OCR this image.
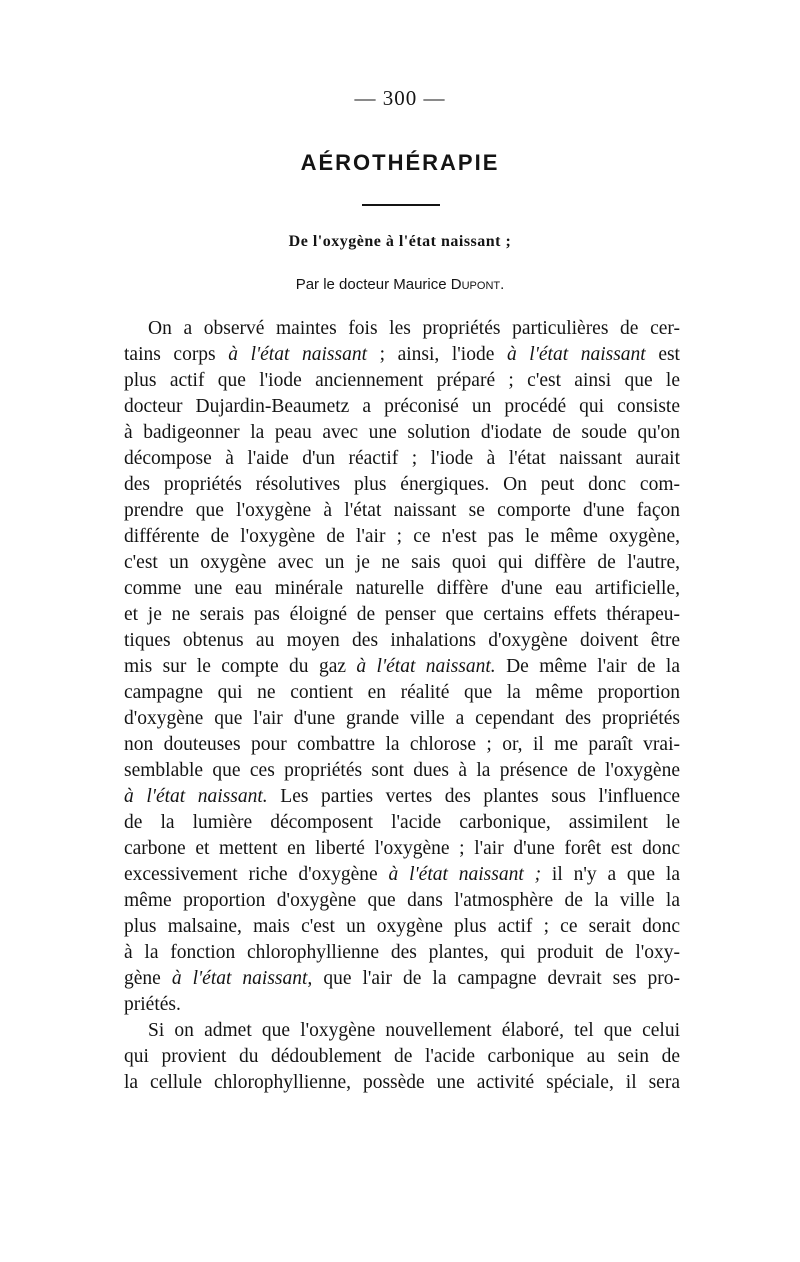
— 300 —
AÉROTHÉRAPIE
De l'oxygène à l'état naissant ;
Par le docteur Maurice Dupont.
On a observé maintes fois les propriétés particulières de cer-
tains corps à l'état naissant ; ainsi, l'iode à l'état naissant est
plus actif que l'iode anciennement préparé ; c'est ainsi que le
docteur Dujardin-Beaumetz a préconisé un procédé qui consiste
à badigeonner la peau avec une solution d'iodate de soude qu'on
décompose à l'aide d'un réactif ; l'iode à l'état naissant aurait
des propriétés résolutives plus énergiques. On peut donc com-
prendre que l'oxygène à l'état naissant se comporte d'une façon
différente de l'oxygène de l'air ; ce n'est pas le même oxygène,
c'est un oxygène avec un je ne sais quoi qui diffère de l'autre,
comme une eau minérale naturelle diffère d'une eau artificielle,
et je ne serais pas éloigné de penser que certains effets thérapeu-
tiques obtenus au moyen des inhalations d'oxygène doivent être
mis sur le compte du gaz à l'état naissant. De même l'air de la
campagne qui ne contient en réalité que la même proportion
d'oxygène que l'air d'une grande ville a cependant des propriétés
non douteuses pour combattre la chlorose ; or, il me paraît vrai-
semblable que ces propriétés sont dues à la présence de l'oxygène
à l'état naissant. Les parties vertes des plantes sous l'influence
de la lumière décomposent l'acide carbonique, assimilent le
carbone et mettent en liberté l'oxygène ; l'air d'une forêt est donc
excessivement riche d'oxygène à l'état naissant ; il n'y a que la
même proportion d'oxygène que dans l'atmosphère de la ville la
plus malsaine, mais c'est un oxygène plus actif ; ce serait donc
à la fonction chlorophyllienne des plantes, qui produit de l'oxy-
gène à l'état naissant, que l'air de la campagne devrait ses pro-
priétés.
Si on admet que l'oxygène nouvellement élaboré, tel que celui
qui provient du dédoublement de l'acide carbonique au sein de
la cellule chlorophyllienne, possède une activité spéciale, il sera
